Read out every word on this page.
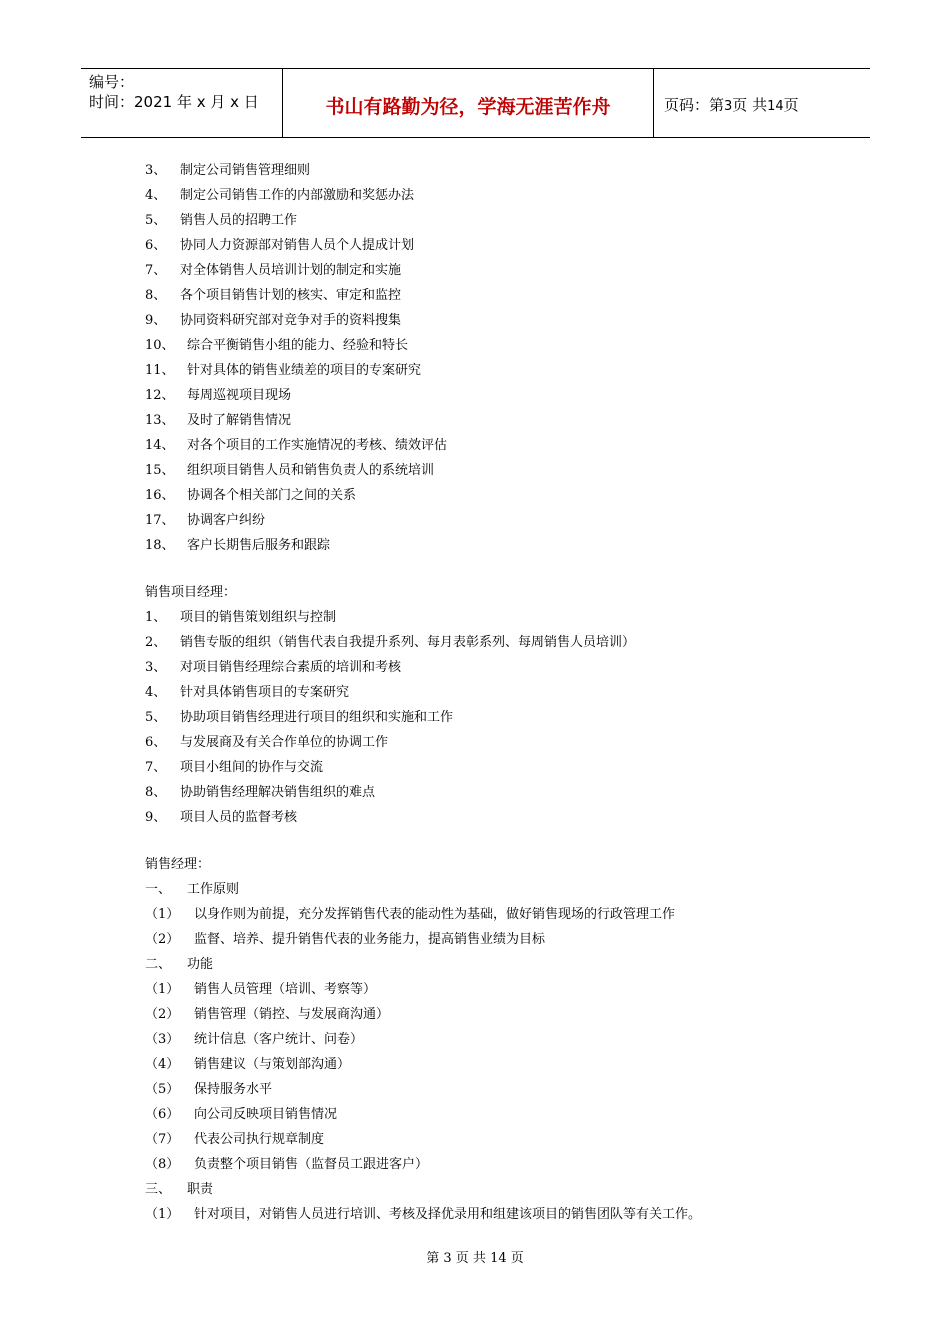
编号：
时间：2021 年 x 月 x 日	书山有路勤为径，学海无涯苦作舟	页码：第3页 共14页
3、 制定公司销售管理细则
4、 制定公司销售工作的内部激励和奖惩办法
5、 销售人员的招聘工作
6、 协同人力资源部对销售人员个人提成计划
7、 对全体销售人员培训计划的制定和实施
8、 各个项目销售计划的核实、审定和监控
9、 协同资料研究部对竞争对手的资料搜集
10、 综合平衡销售小组的能力、经验和特长
11、 针对具体的销售业绩差的项目的专案研究
12、 每周巡视项目现场
13、 及时了解销售情况
14、 对各个项目的工作实施情况的考核、绩效评估
15、 组织项目销售人员和销售负责人的系统培训
16、 协调各个相关部门之间的关系
17、 协调客户纠纷
18、 客户长期售后服务和跟踪
销售项目经理：
1、 项目的销售策划组织与控制
2、 销售专版的组织（销售代表自我提升系列、每月表彰系列、每周销售人员培训）
3、 对项目销售经理综合素质的培训和考核
4、 针对具体销售项目的专案研究
5、 协助项目销售经理进行项目的组织和实施和工作
6、 与发展商及有关合作单位的协调工作
7、 项目小组间的协作与交流
8、 协助销售经理解决销售组织的难点
9、 项目人员的监督考核
销售经理：
一、 工作原则
（1） 以身作则为前提，充分发挥销售代表的能动性为基础，做好销售现场的行政管理工作
（2） 监督、培养、提升销售代表的业务能力，提高销售业绩为目标
二、 功能
（1） 销售人员管理（培训、考察等）
（2） 销售管理（销控、与发展商沟通）
（3） 统计信息（客户统计、问卷）
（4） 销售建议（与策划部沟通）
（5） 保持服务水平
（6） 向公司反映项目销售情况
（7） 代表公司执行规章制度
（8） 负责整个项目销售（监督员工跟进客户）
三、 职责
（1） 针对项目，对销售人员进行培训、考核及择优录用和组建该项目的销售团队等有关工作。
第 3 页 共 14 页
